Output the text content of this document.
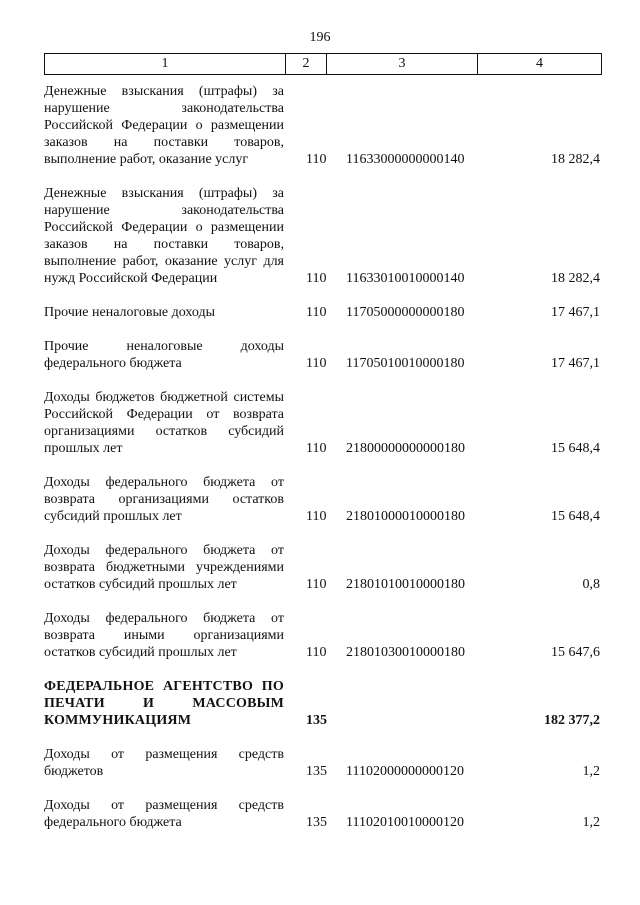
196
1	2	3	4
Денежные взыскания (штрафы) за нарушение законодательства Российской Федерации о размещении заказов на поставки товаров, выполнение работ, оказание услуг	110 11633000000000140	18 282,4
Денежные взыскания (штрафы) за нарушение законодательства Российской Федерации о размещении заказов на поставки товаров, выполнение работ, оказание услуг для нужд Российской Федерации	110 11633010010000140	18 282,4
Прочие неналоговые доходы	110 11705000000000180	17 467,1
Прочие неналоговые доходы федерального бюджета	110 11705010010000180	17 467,1
Доходы бюджетов бюджетной системы Российской Федерации от возврата организациями остатков субсидий прошлых лет	110 21800000000000180	15 648,4
Доходы федерального бюджета от возврата организациями остатков субсидий прошлых лет	110 21801000010000180	15 648,4
Доходы федерального бюджета от возврата бюджетными учреждениями остатков субсидий прошлых лет	110 21801010010000180	0,8
Доходы федерального бюджета от возврата иными организациями остатков субсидий прошлых лет	110 21801030010000180	15 647,6
ФЕДЕРАЛЬНОЕ АГЕНТСТВО ПО ПЕЧАТИ И МАССОВЫМ КОММУНИКАЦИЯМ	135	182 377,2
Доходы от размещения средств бюджетов	135 11102000000000120	1,2
Доходы от размещения средств федерального бюджета	135 11102010010000120	1,2
